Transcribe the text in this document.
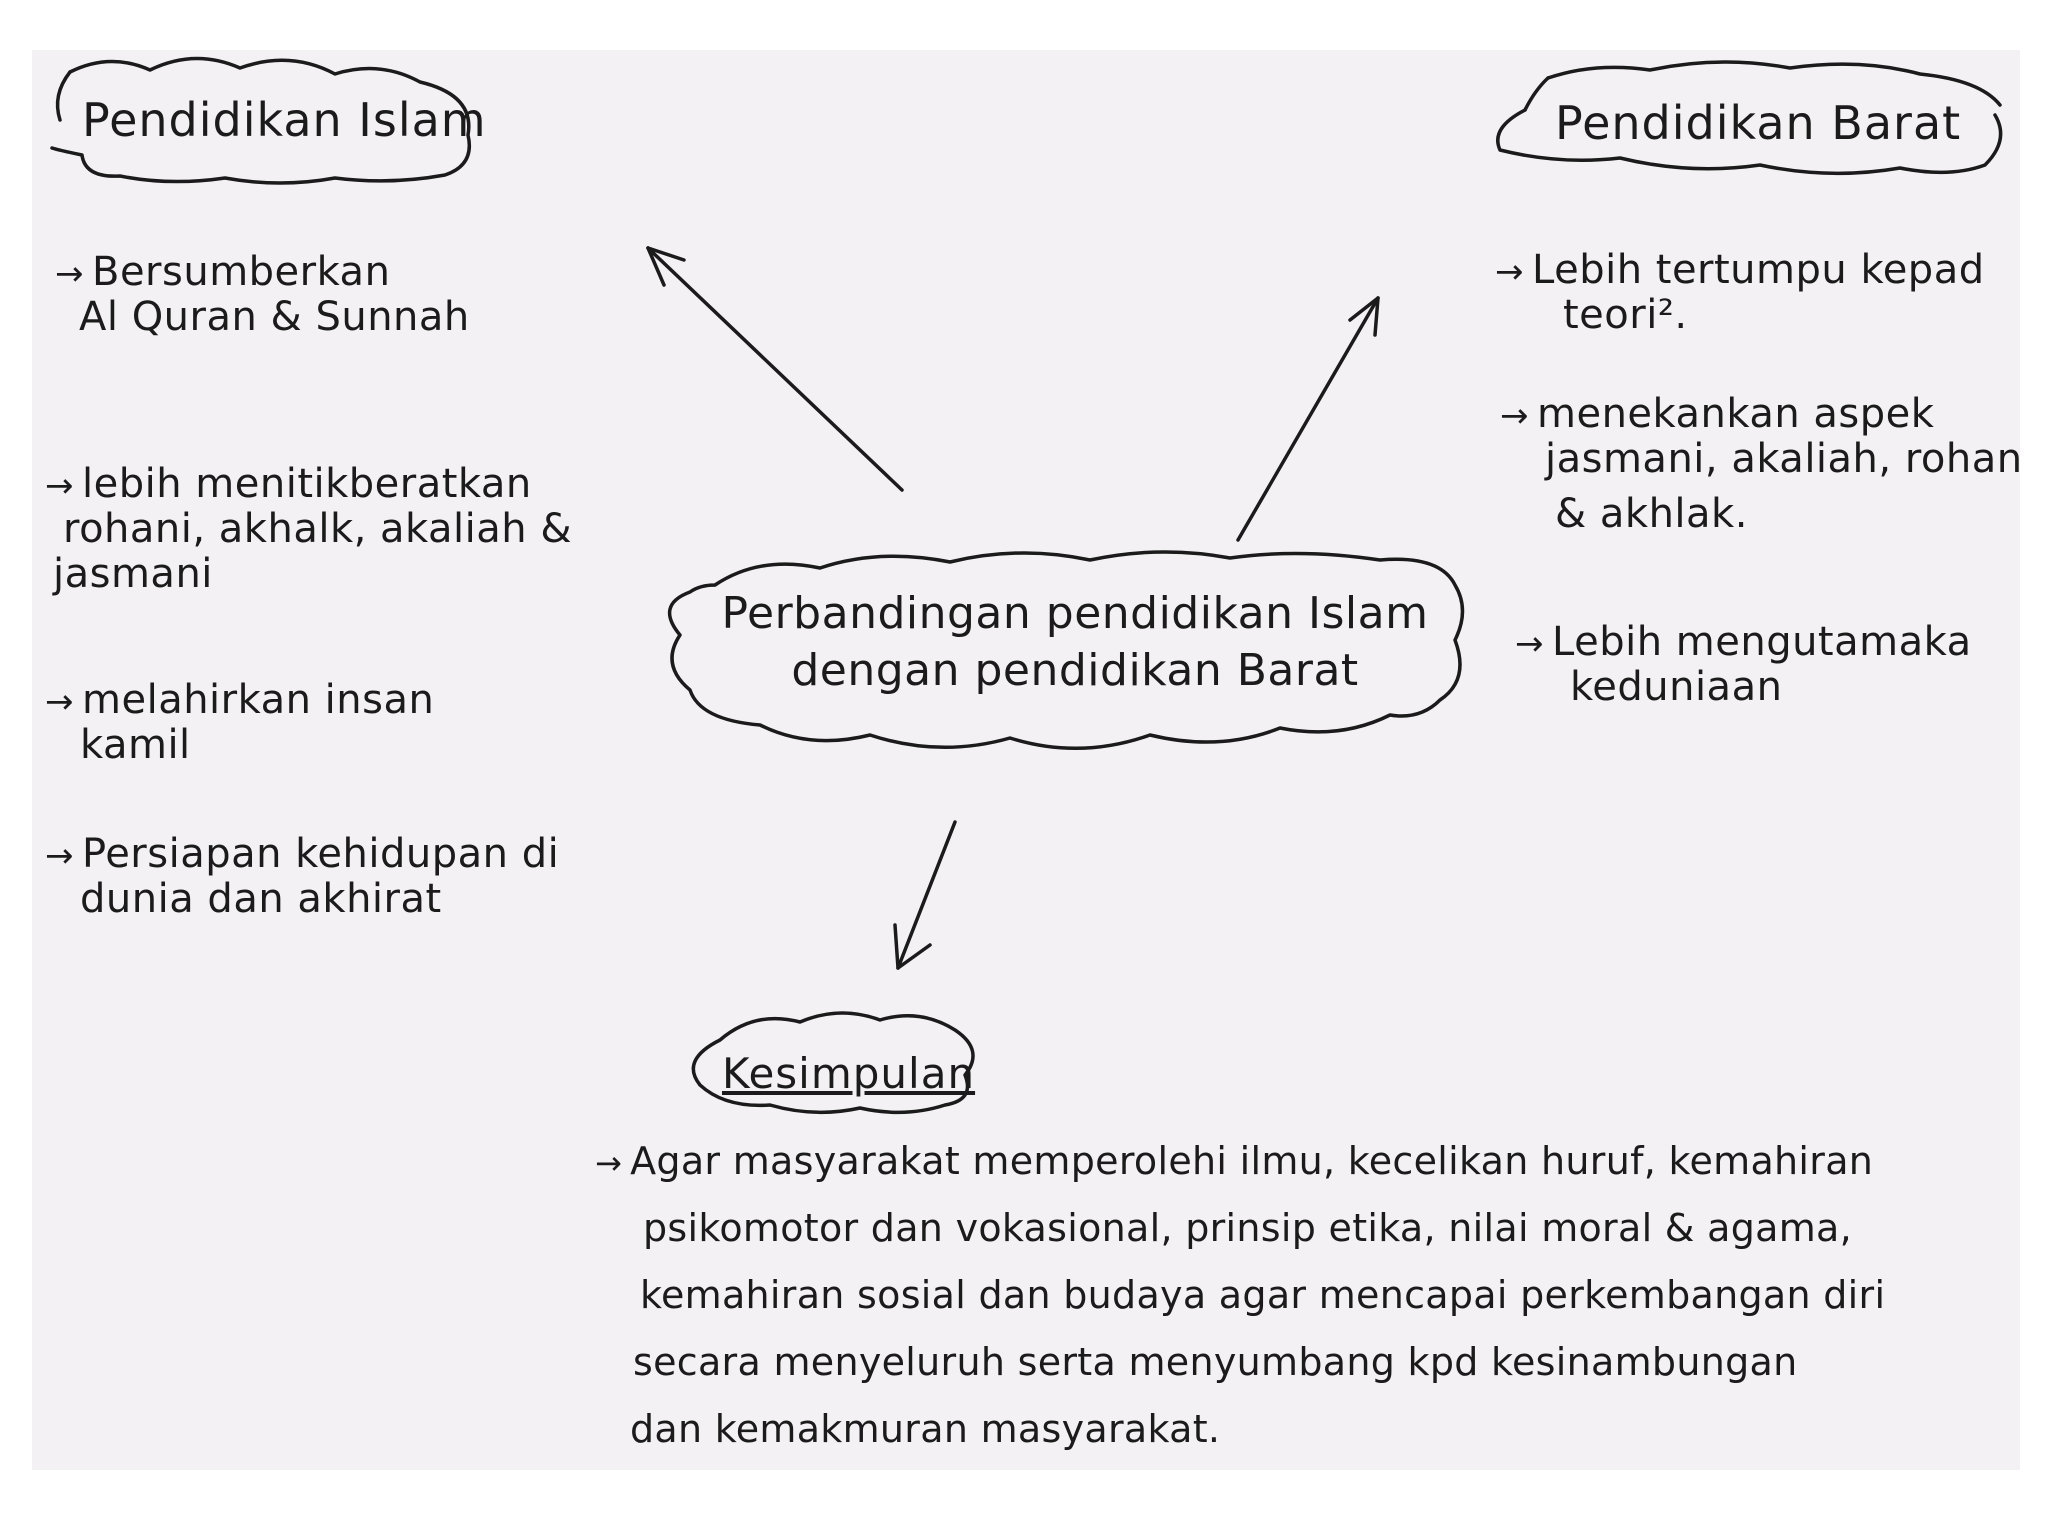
Pendidikan Islam
→ Bersumberkan
Al Quran & Sunnah
→ lebih menitikberatkan
rohani, akhalk, akaliah &
jasmani
→ melahirkan insan
kamil
→ Persiapan kehidupan di
dunia dan akhirat
Perbandingan pendidikan Islam
dengan pendidikan Barat
Pendidikan Barat
→ Lebih tertumpu kepad
teori².
→ menekankan aspek
jasmani, akaliah, rohan
& akhlak.
→ Lebih mengutamaka
keduniaan
Kesimpulan
→ Agar masyarakat memperolehi ilmu, kecelikan huruf, kemahiran
psikomotor dan vokasional, prinsip etika, nilai moral & agama,
kemahiran sosial dan budaya agar mencapai perkembangan diri
secara menyeluruh serta menyumbang kpd kesinambungan
dan kemakmuran masyarakat.
